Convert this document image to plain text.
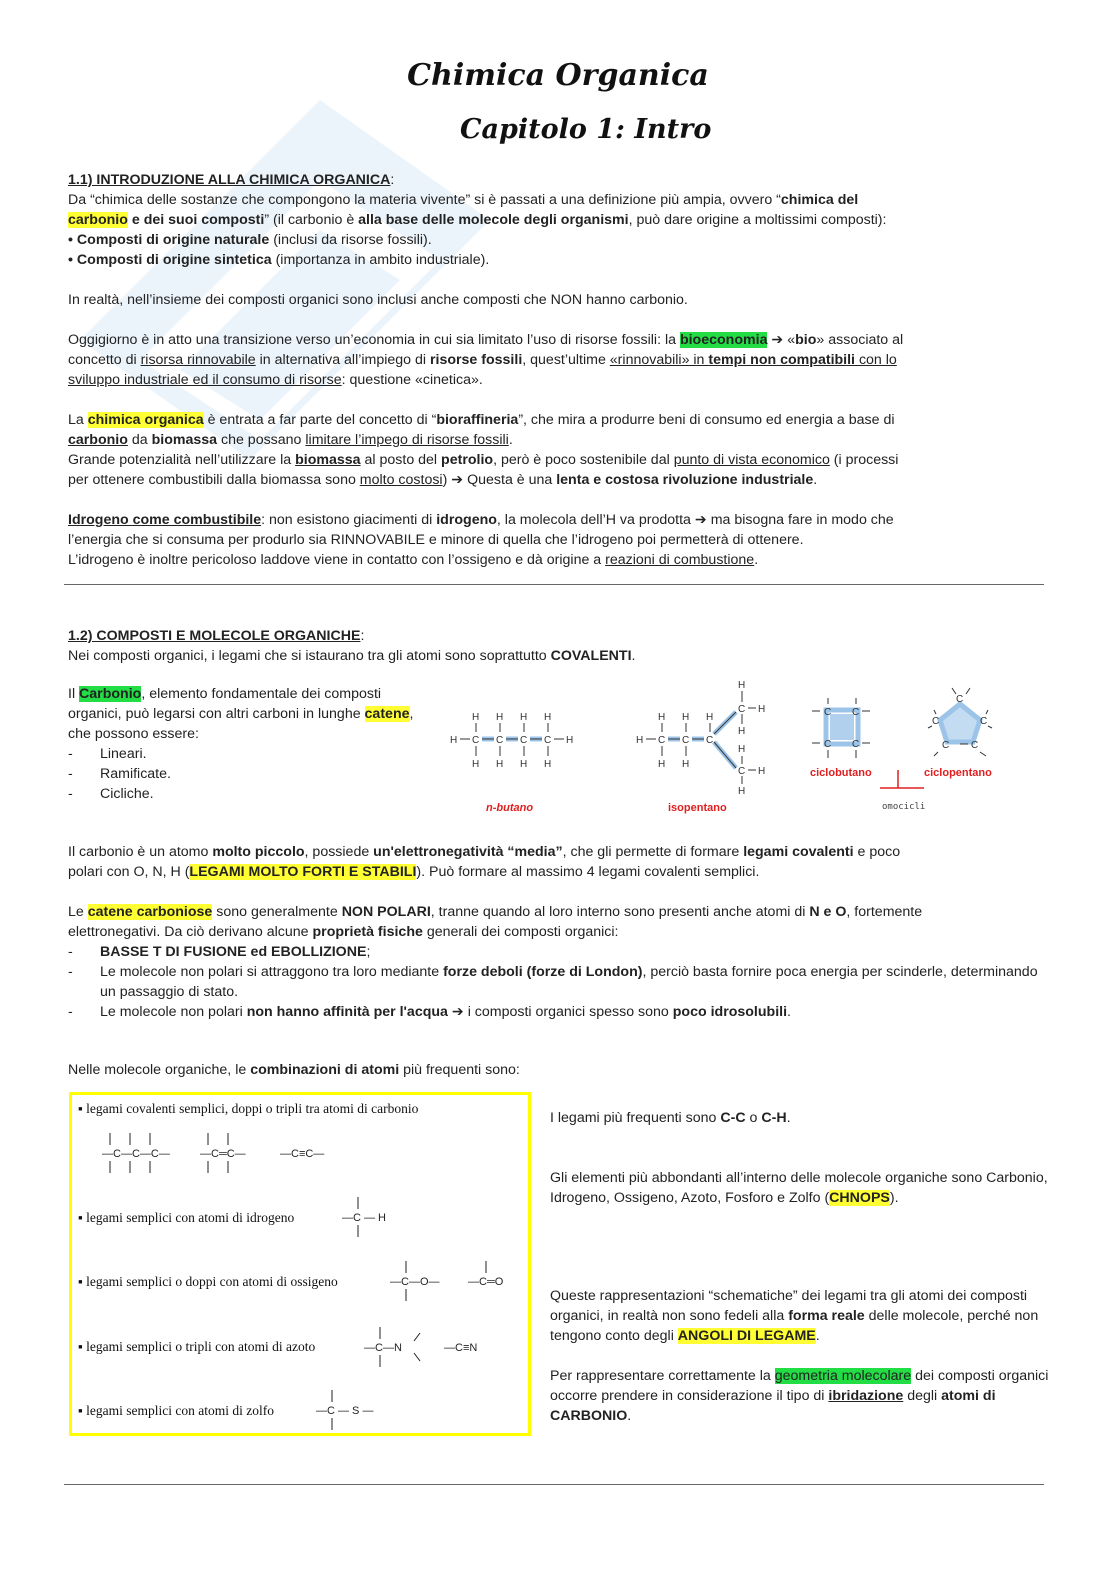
Chimica Organica
Capitolo 1: Intro

1.1) INTRODUZIONE ALLA CHIMICA ORGANICA:

Da “chimica delle sostanze che compongono la materia vivente” si è passati a una definizione più ampia, ovvero “chimica del
carbonio e dei suoi composti” (il carbonio è alla base delle molecole degli organismi, può dare origine a moltissimi composti):

• Composti di origine naturale (inclusi da risorse fossili).

• Composti di origine sintetica (importanza in ambito industriale).

In realtà, nell’insieme dei composti organici sono inclusi anche composti che NON hanno carbonio.

Oggigiorno è in atto una transizione verso un’economia in cui sia limitato l’uso di risorse fossili: la bioeconomia ➔ «bio» associato al
concetto di risorsa rinnovabile in alternativa all’impiego di risorse fossili, quest’ultime «rinnovabili» in tempi non compatibili con lo
sviluppo industriale ed il consumo di risorse: questione «cinetica».

La chimica organica è entrata a far parte del concetto di “bioraffineria”, che mira a produrre beni di consumo ed energia a base di
carbonio da biomassa che possano limitare l’impego di risorse fossili.

Grande potenzialità nell’utilizzare la biomassa al posto del petrolio, però è poco sostenibile dal punto di vista economico (i processi
per ottenere combustibili dalla biomassa sono molto costosi) ➔ Questa è una lenta e costosa rivoluzione industriale.

Idrogeno come combustibile: non esistono giacimenti di idrogeno, la molecola dell’H va prodotta ➔ ma bisogna fare in modo che
l’energia che si consuma per produrlo sia RINNOVABILE e minore di quella che l’idrogeno poi permetterà di ottenere.
L’idrogeno è inoltre pericoloso laddove viene in contatto con l’ossigeno e dà origine a reazioni di combustione.

1.2) COMPOSTI E MOLECOLE ORGANICHE:

Nei composti organici, i legami che si istaurano tra gli atomi sono soprattutto COVALENTI.

Il Carbonio, elemento fondamentale dei composti organici, può legarsi con altri carboni in lunghe catene, che possono essere:

- Lineari.
- Ramificate.
- Cicliche.
H H H H
H C C C C H
H H H H
n-butano
H H H
H C C C
H H
H
C H
H
H
C H
H
isopentano
C C
C C
C
C
C
C
C
ciclobutano	ciclopentano
omocicli

Il carbonio è un atomo molto piccolo, possiede un'elettronegatività “media”, che gli permette di formare legami covalenti e poco
polari con O, N, H (LEGAMI MOLTO FORTI E STABILI). Può formare al massimo 4 legami covalenti semplici.

Le catene carboniose sono generalmente NON POLARI, tranne quando al loro interno sono presenti anche atomi di N e O, fortemente
elettronegativi. Da ciò derivano alcune proprietà fisiche generali dei composti organici:

- BASSE T DI FUSIONE ed EBOLLIZIONE;
- Le molecole non polari si attraggono tra loro mediante forze deboli (forze di London), perciò basta fornire poca energia per scinderle, determinando un passaggio di stato.
- Le molecole non polari non hanno affinità per l'acqua ➔ i composti organici spesso sono poco idrosolubili.

Nelle molecole organiche, le combinazioni di atomi più frequenti sono:

▪ legami covalenti semplici, doppi o tripli tra atomi di carbonio
—C—C—C—	—C═C—	—C≡C—
▪ legami semplici con atomi di idrogeno	—C — H
▪ legami semplici o doppi con atomi di ossigeno	—C—O—	—C═O
▪ legami semplici o tripli con atomi di azoto	—C—N	—C≡N
▪ legami semplici con atomi di zolfo	—C — S —

I legami più frequenti sono C-C o C-H.

Gli elementi più abbondanti all’interno delle molecole organiche sono Carbonio, Idrogeno, Ossigeno, Azoto, Fosforo e Zolfo (CHNOPS).

Queste rappresentazioni “schematiche” dei legami tra gli atomi dei composti organici, in realtà non sono fedeli alla forma reale delle molecole, perché non tengono conto degli ANGOLI DI LEGAME.

Per rappresentare correttamente la geometria molecolare dei composti organici occorre prendere in considerazione il tipo di ibridazione degli atomi di CARBONIO.
